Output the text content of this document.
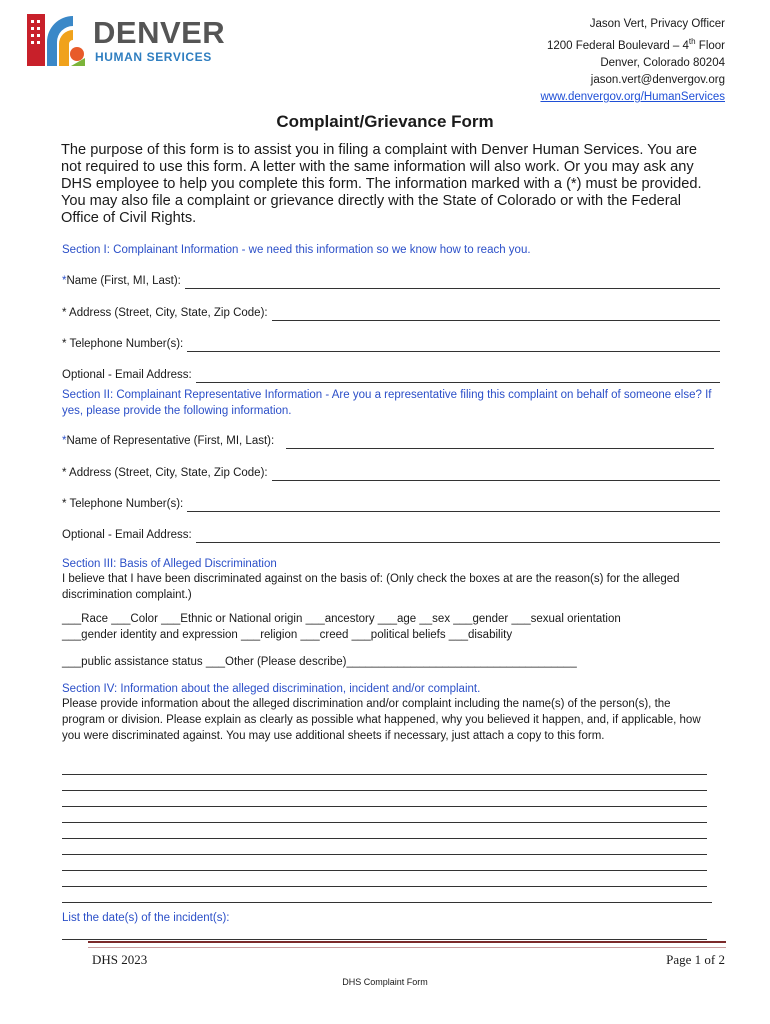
DENVER
HUMAN SERVICES
Jason Vert, Privacy Officer
1200 Federal Boulevard – 4th Floor
Denver, Colorado 80204
jason.vert@denvergov.org
www.denvergov.org/HumanServices
Complaint/Grievance Form
The purpose of this form is to assist you in filing a complaint with Denver Human Services. You are not required to use this form. A letter with the same information will also work. Or you may ask any DHS employee to help you complete this form. The information marked with a (*) must be provided. You may also file a complaint or grievance directly with the State of Colorado or with the Federal Office of Civil Rights.
Section I: Complainant Information - we need this information so we know how to reach you.
* Name (First, MI, Last):
* Address (Street, City, State, Zip Code):
* Telephone Number(s):
Optional - Email Address:
Section II: Complainant Representative Information - Are you a representative filing this complaint on behalf of someone else? If yes, please provide the following information.
* Name of Representative (First, MI, Last):
* Address (Street, City, State, Zip Code):
* Telephone Number(s):
Optional - Email Address:
Section III: Basis of Alleged Discrimination
I believe that I have been discriminated against on the basis of: (Only check the boxes at are the reason(s) for the alleged discrimination complaint.)
___Race ___Color ___Ethnic or National origin ___ancestory ___age __sex ___gender ___sexual orientation
___gender identity and expression ___religion ___creed ___political beliefs ___disability
___public assistance status ___Other (Please describe)____________________________________
Section IV: Information about the alleged discrimination, incident and/or complaint.
Please provide information about the alleged discrimination and/or complaint including the name(s) of the person(s), the program or division. Please explain as clearly as possible what happened, why you believed it happen, and, if applicable, how you were discriminated against. You may use additional sheets if necessary, just attach a copy to this form.
List the date(s) of the incident(s):
DHS 2023	Page 1 of 2
DHS Complaint Form
